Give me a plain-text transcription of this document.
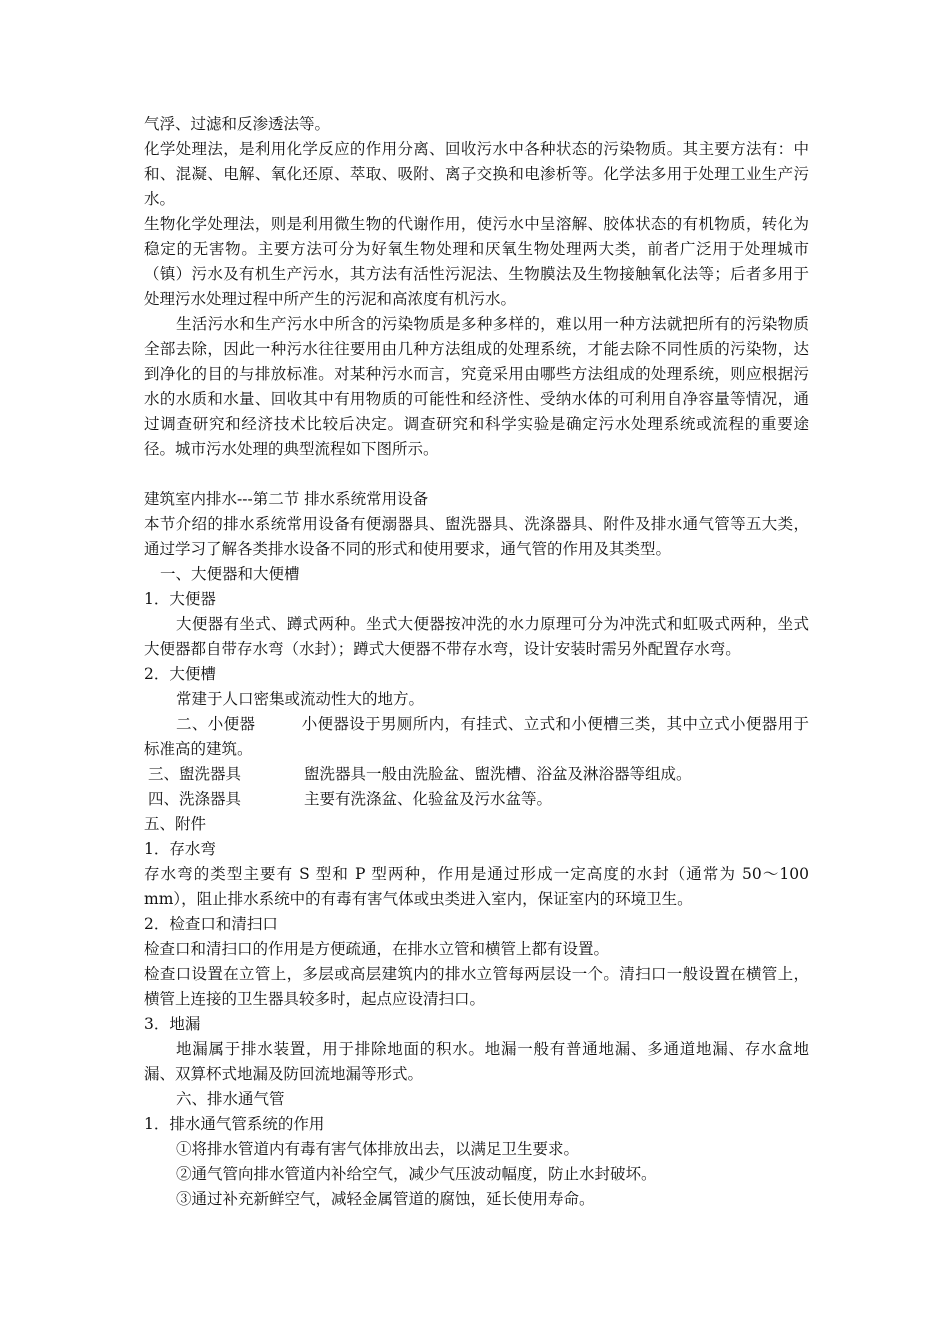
气浮、过滤和反渗透法等。

化学处理法，是利用化学反应的作用分离、回收污水中各种状态的污染物质。其主要方法有：中和、混凝、电解、氧化还原、萃取、吸附、离子交换和电渗析等。化学法多用于处理工业生产污水。

生物化学处理法，则是利用微生物的代谢作用，使污水中呈溶解、胶体状态的有机物质，转化为稳定的无害物。主要方法可分为好氧生物处理和厌氧生物处理两大类，前者广泛用于处理城市（镇）污水及有机生产污水，其方法有活性污泥法、生物膜法及生物接触氧化法等；后者多用于处理污水处理过程中所产生的污泥和高浓度有机污水。

生活污水和生产污水中所含的污染物质是多种多样的，难以用一种方法就把所有的污染物质全部去除，因此一种污水往往要用由几种方法组成的处理系统，才能去除不同性质的污染物，达到净化的目的与排放标准。对某种污水而言，究竟采用由哪些方法组成的处理系统，则应根据污水的水质和水量、回收其中有用物质的可能性和经济性、受纳水体的可利用自净容量等情况，通过调查研究和经济技术比较后决定。调查研究和科学实验是确定污水处理系统或流程的重要途径。城市污水处理的典型流程如下图所示。

建筑室内排水---第二节 排水系统常用设备

本节介绍的排水系统常用设备有便溺器具、盥洗器具、洗涤器具、附件及排水通气管等五大类，通过学习了解各类排水设备不同的形式和使用要求，通气管的作用及其类型。

一、大便器和大便槽

1．大便器

大便器有坐式、蹲式两种。坐式大便器按冲洗的水力原理可分为冲洗式和虹吸式两种，坐式大便器都自带存水弯（水封）；蹲式大便器不带存水弯，设计安装时需另外配置存水弯。

2．大便槽

常建于人口密集或流动性大的地方。

二、小便器	小便器设于男厕所内，有挂式、立式和小便槽三类，其中立式小便器用于标准高的建筑。

三、盥洗器具	盥洗器具一般由洗脸盆、盥洗槽、浴盆及淋浴器等组成。
四、洗涤器具	主要有洗涤盆、化验盆及污水盆等。

五、附件

1．存水弯

存水弯的类型主要有 S 型和 P 型两种，作用是通过形成一定高度的水封（通常为 50～100 mm），阻止排水系统中的有毒有害气体或虫类进入室内，保证室内的环境卫生。

2．检查口和清扫口

检查口和清扫口的作用是方便疏通，在排水立管和横管上都有设置。

检查口设置在立管上，多层或高层建筑内的排水立管每两层设一个。清扫口一般设置在横管上，横管上连接的卫生器具较多时，起点应设清扫口。

3．地漏

地漏属于排水装置，用于排除地面的积水。地漏一般有普通地漏、多通道地漏、存水盒地漏、双算杯式地漏及防回流地漏等形式。

六、排水通气管

1．排水通气管系统的作用

①将排水管道内有毒有害气体排放出去，以满足卫生要求。

②通气管向排水管道内补给空气，减少气压波动幅度，防止水封破坏。

③通过补充新鲜空气，减轻金属管道的腐蚀，延长使用寿命。
